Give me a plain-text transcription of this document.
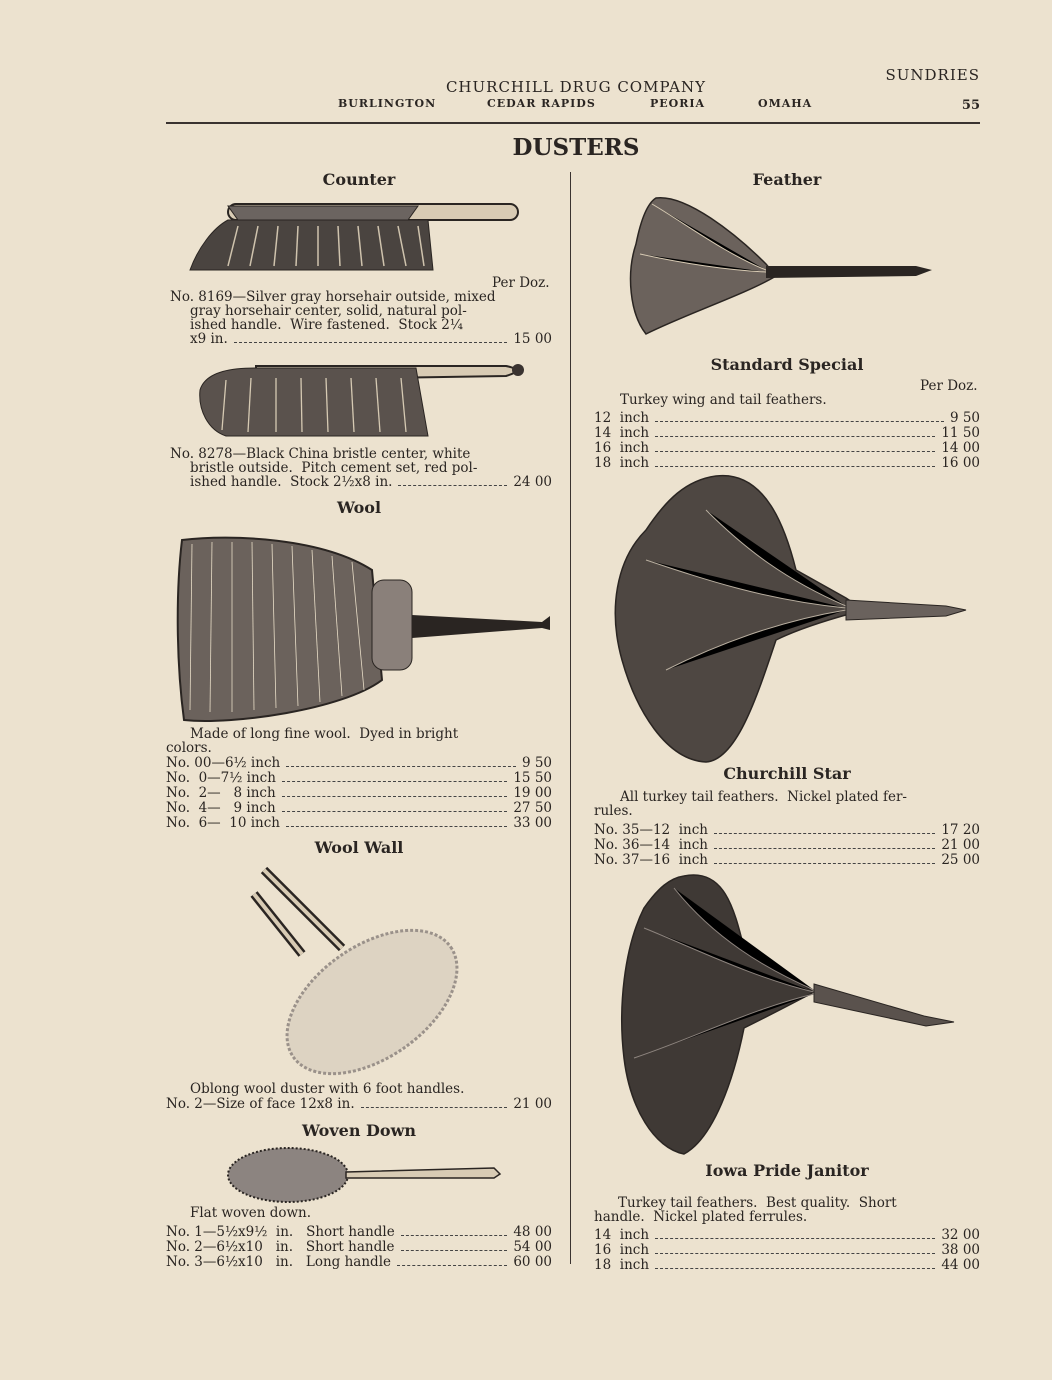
CHURCHILL DRUG COMPANY
BURLINGTON	CEDAR RAPIDS	PEORIA	OMAHA
SUNDRIES
55
DUSTERS
Counter
Per Doz.
No. 8169—Silver gray horsehair outside, mixed
gray horsehair center, solid, natural pol-
ished handle.  Wire fastened.  Stock 2¼
x9 in.	15 00
No. 8278—Black China bristle center, white
bristle outside.  Pitch cement set, red pol-
ished handle.  Stock 2½x8 in.	24 00
Wool
Made of long fine wool.  Dyed in bright
colors.
No. 00—6½ inch	9 50
No.  0—7½ inch	15 50
No.  2—   8 inch	19 00
No.  4—   9 inch	27 50
No.  6—  10 inch	33 00
Wool Wall
Oblong wool duster with 6 foot handles.
No. 2—Size of face 12x8 in.	21 00
Woven Down
Flat woven down.
No. 1—5½x9½  in.   Short handle	48 00
No. 2—6½x10   in.   Short handle	54 00
No. 3—6½x10   in.   Long handle	60 00
Feather
Standard Special
Per Doz.
Turkey wing and tail feathers.
12  inch	9 50
14  inch	11 50
16  inch	14 00
18  inch	16 00
Churchill Star
All turkey tail feathers.  Nickel plated fer-
rules.
No. 35—12  inch	17 20
No. 36—14  inch	21 00
No. 37—16  inch	25 00
Iowa Pride Janitor
Turkey tail feathers.  Best quality.  Short
handle.  Nickel plated ferrules.
14  inch	32 00
16  inch	38 00
18  inch	44 00
